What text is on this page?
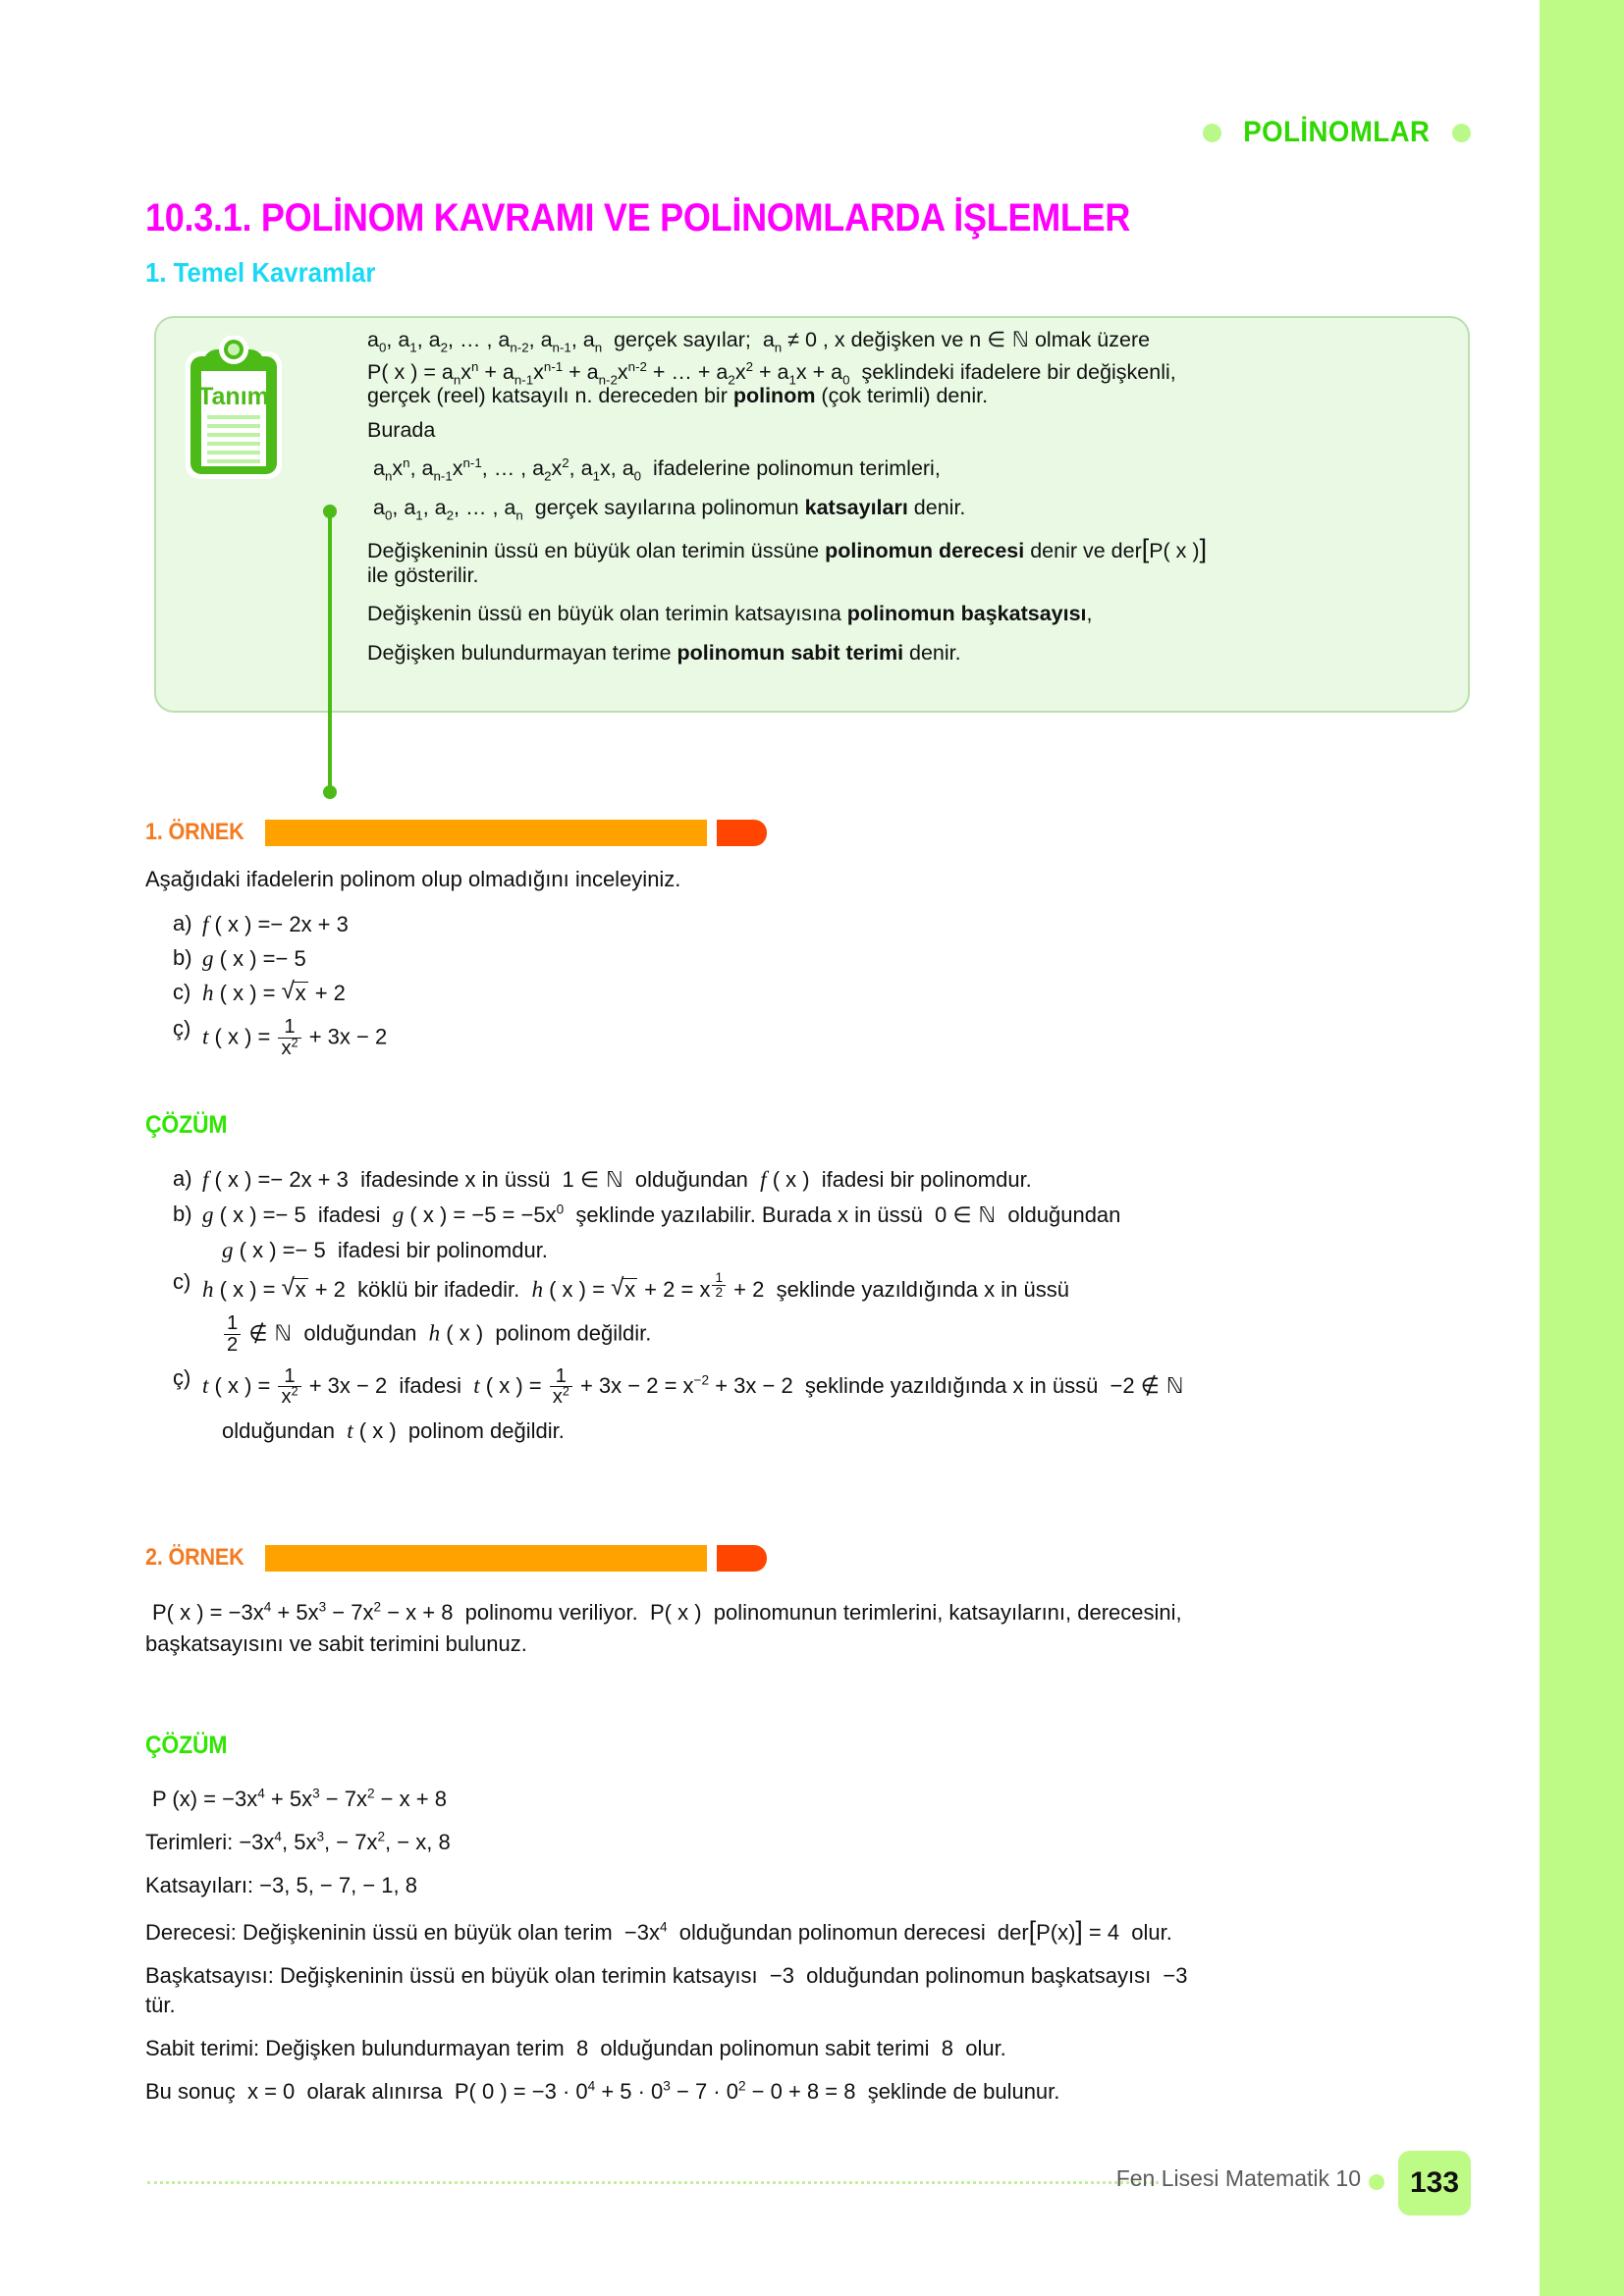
POLİNOMLAR
10.3.1. POLİNOM KAVRAMI VE POLİNOMLARDA İŞLEMLER
1. Temel Kavramlar
Tanım
$a_0$, $a_1$, $a_2$, … , $a_{n-2}$, $a_{n-1}$, $a_n$  gerçek sayılar;  $a_n \ne 0$ , x değişken ve n ∈ ℕ olmak üzere
P( x ) = $a_nx^n + a_{n-1}x^{n-1} + a_{n-2}x^{n-2}$ + … + $a_2x^2 + a_1x + a_0$  şeklindeki ifadelere bir değişkenli,
gerçek (reel) katsayılı n. dereceden bir polinom (çok terimli) denir.
Burada
$a_nx^n$, $a_{n-1}x^{n-1}$, … , $a_2x^2$, $a_1x$, $a_0$  ifadelerine polinomun terimleri,
$a_0$, $a_1$, $a_2$, … , $a_n$  gerçek sayılarına polinomun katsayıları denir.
Değişkeninin üssü en büyük olan terimin üssüne polinomun derecesi denir ve der[P( x )]
ile gösterilir.
Değişkenin üssü en büyük olan terimin katsayısına polinomun başkatsayısı,
Değişken bulundurmayan terime polinomun sabit terimi denir.
1. ÖRNEK
Aşağıdaki ifadelerin polinom olup olmadığını inceleyiniz.
a) f ( x ) =− 2x + 3
b) g ( x ) =− 5
c) h ( x ) = √ x + 2
ç) t ( x ) = $\frac{1}{x^2} + 3x - 2$
ÇÖZÜM
a) f ( x ) =− 2x + 3  ifadesinde x in üssü  1 ∈ ℕ  olduğundan  f ( x )  ifadesi bir polinomdur.
b) g ( x ) =− 5  ifadesi  g ( x ) = $-5 = -5x^0$  şeklinde yazılabilir. Burada x in üssü  0 ∈ ℕ  olduğundan
g ( x ) =− 5  ifadesi bir polinomdur.
c) h ( x ) = √ x + 2  köklü bir ifadedir.  h ( x ) = √ x + 2 = x $^{\frac{1}{2}}$ + 2  şeklinde yazıldığında x in üssü
$\frac{1}{2}$ ∉ ℕ  olduğundan  h ( x )  polinom değildir.
ç) t ( x ) = $\frac{1}{x^2} + 3x - 2$  ifadesi  t ( x ) = $\frac{1}{x^2} + 3x - 2 = x^{-2} + 3x - 2$  şeklinde yazıldığında x in üssü  −2 ∉ ℕ
olduğundan  t ( x )  polinom değildir.
2. ÖRNEK
P( x ) = $-3x^4 + 5x^3 - 7x^2 - x + 8$  polinomu veriliyor.  P( x )  polinomunun terimlerini, katsayılarını, derecesini,
başkatsayısını ve sabit terimini bulunuz.
ÇÖZÜM
P $(x) = -3x^4 + 5x^3 - 7x^2 - x + 8$
Terimleri: $-3x^4$, $5x^3$, − $7x^2$, − x, 8
Katsayıları: −3, 5, − 7, − 1, 8
Derecesi: Değişkeninin üssü en büyük olan terim  $-3x^4$  olduğundan polinomun derecesi  der[P(x)] = 4  olur.
Başkatsayısı: Değişkeninin üssü en büyük olan terimin katsayısı  −3  olduğundan polinomun başkatsayısı  −3
tür.
Sabit terimi: Değişken bulundurmayan terim  8  olduğundan polinomun sabit terimi  8  olur.
Bu sonuç  x = 0  olarak alınırsa  P( 0 ) = $-3 \cdot 0^4 + 5 \cdot 0^3 - 7 \cdot 0^2 - 0 + 8 = 8$  şeklinde de bulunur.
Fen Lisesi Matematik 10 133
